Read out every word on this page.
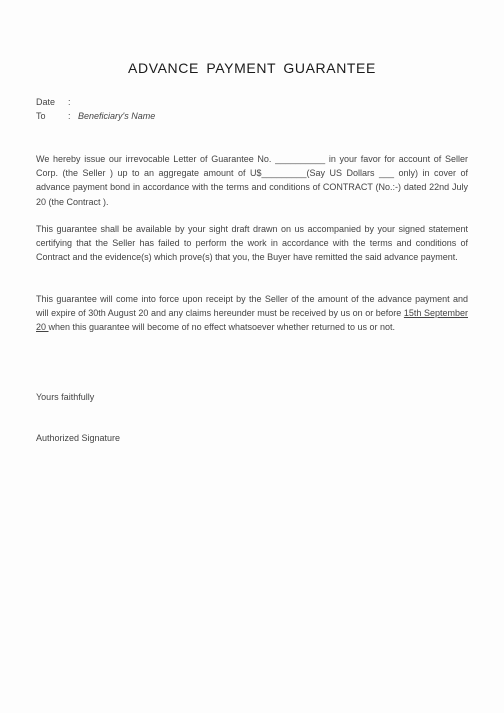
ADVANCE PAYMENT GUARANTEE
Date :
To : Beneficiary's Name

We hereby issue our irrevocable Letter of Guarantee No. __________ in your favor for account of Seller Corp. (the Seller ) up to an aggregate amount of U$_________(Say US Dollars ___ only) in cover of advance payment bond in accordance with the terms and conditions of CONTRACT (No.:-) dated 22nd July 20 (the Contract ).

This guarantee shall be available by your sight draft drawn on us accompanied by your signed statement certifying that the Seller has failed to perform the work in accordance with the terms and conditions of Contract and the evidence(s) which prove(s) that you, the Buyer have remitted the said advance payment.

This guarantee will come into force upon receipt by the Seller of the amount of the advance payment and will expire of 30th August 20 and any claims hereunder must be received by us on or before 15th September 20 when this guarantee will become of no effect whatsoever whether returned to us or not.

Yours faithfully
Authorized Signature
